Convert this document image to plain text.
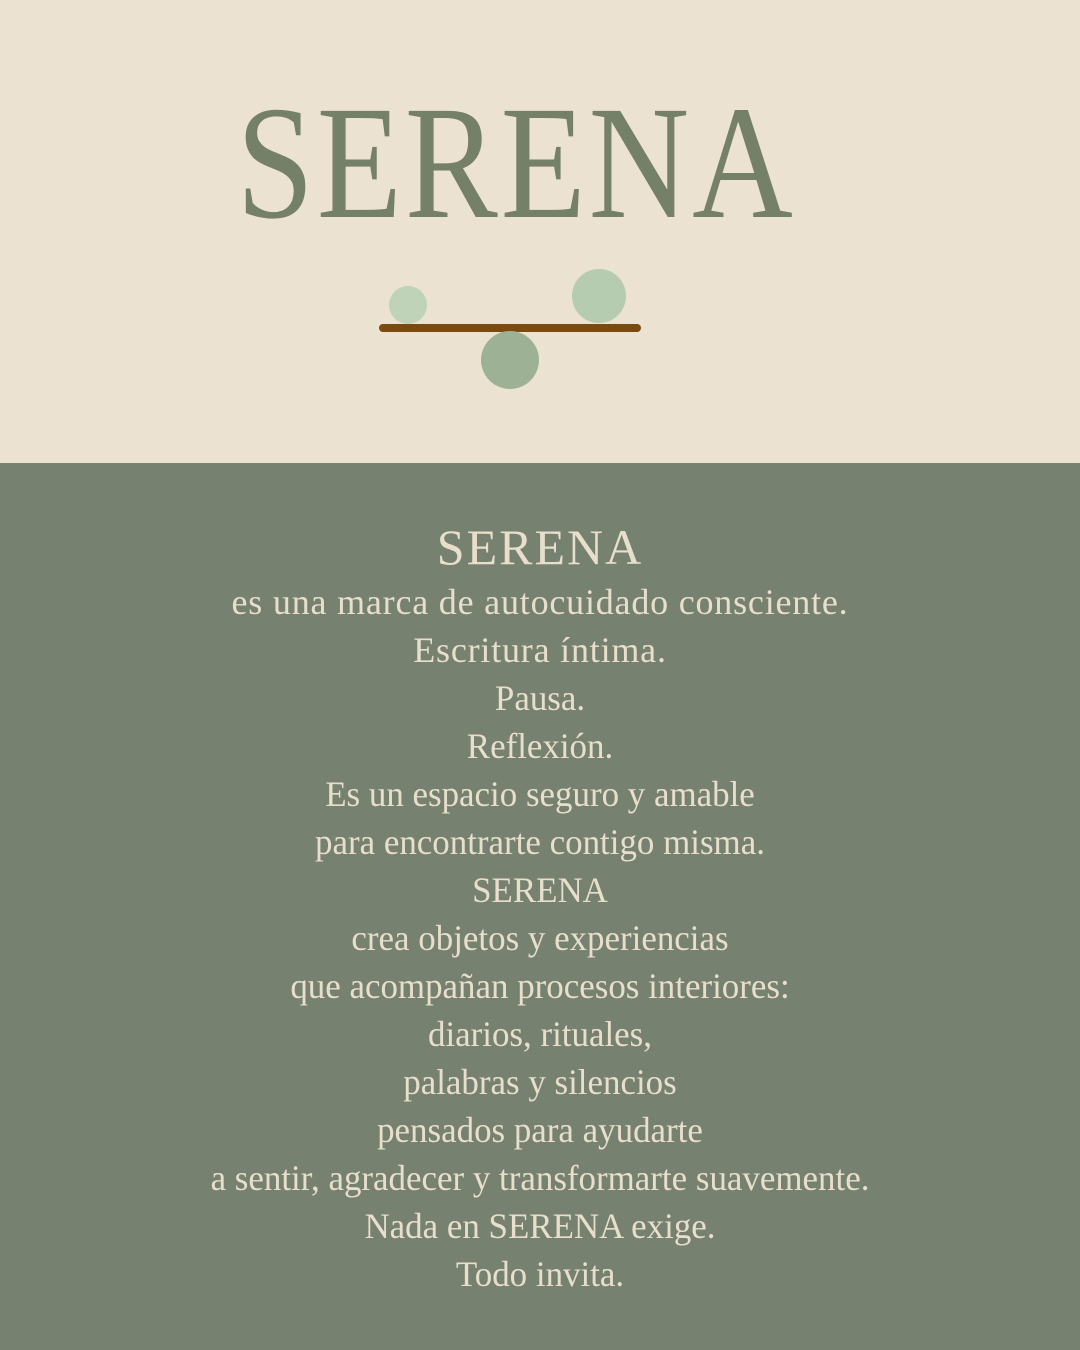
SERENA
SERENA

es una marca de autocuidado consciente.

Escritura íntima.

Pausa.

Reflexión.

Es un espacio seguro y amable

para encontrarte contigo misma.

SERENA

crea objetos y experiencias

que acompañan procesos interiores:

diarios, rituales,

palabras y silencios

pensados para ayudarte

a sentir, agradecer y transformarte suavemente.

Nada en SERENA exige.

Todo invita.
